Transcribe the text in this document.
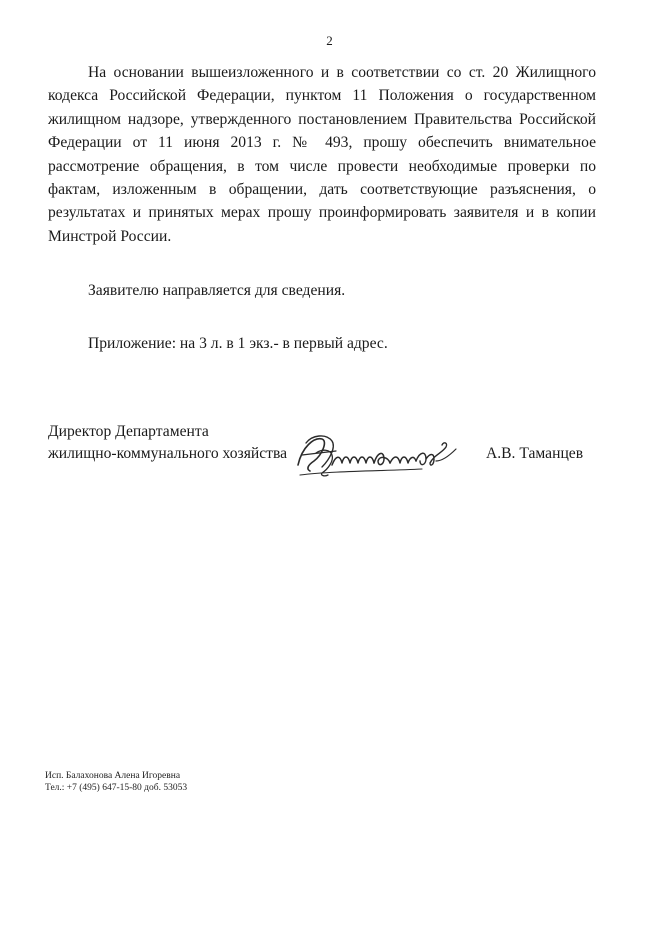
2
На основании вышеизложенного и в соответствии со ст. 20 Жилищного кодекса Российской Федерации, пунктом 11 Положения о государственном жилищном надзоре, утвержденного постановлением Правительства Российской Федерации от 11 июня 2013 г. № 493, прошу обеспечить внимательное рассмотрение обращения, в том числе провести необходимые проверки по фактам, изложенным в обращении, дать соответствующие разъяснения, о результатах и принятых мерах прошу проинформировать заявителя и в копии Минстрой России.
Заявителю направляется для сведения.
Приложение: на 3 л. в 1 экз.- в первый адрес.
Директор Департамента
жилищно-коммунального хозяйства	А.В. Таманцев
Исп. Балахонова Алена Игоревна
Тел.: +7 (495) 647-15-80 доб. 53053
